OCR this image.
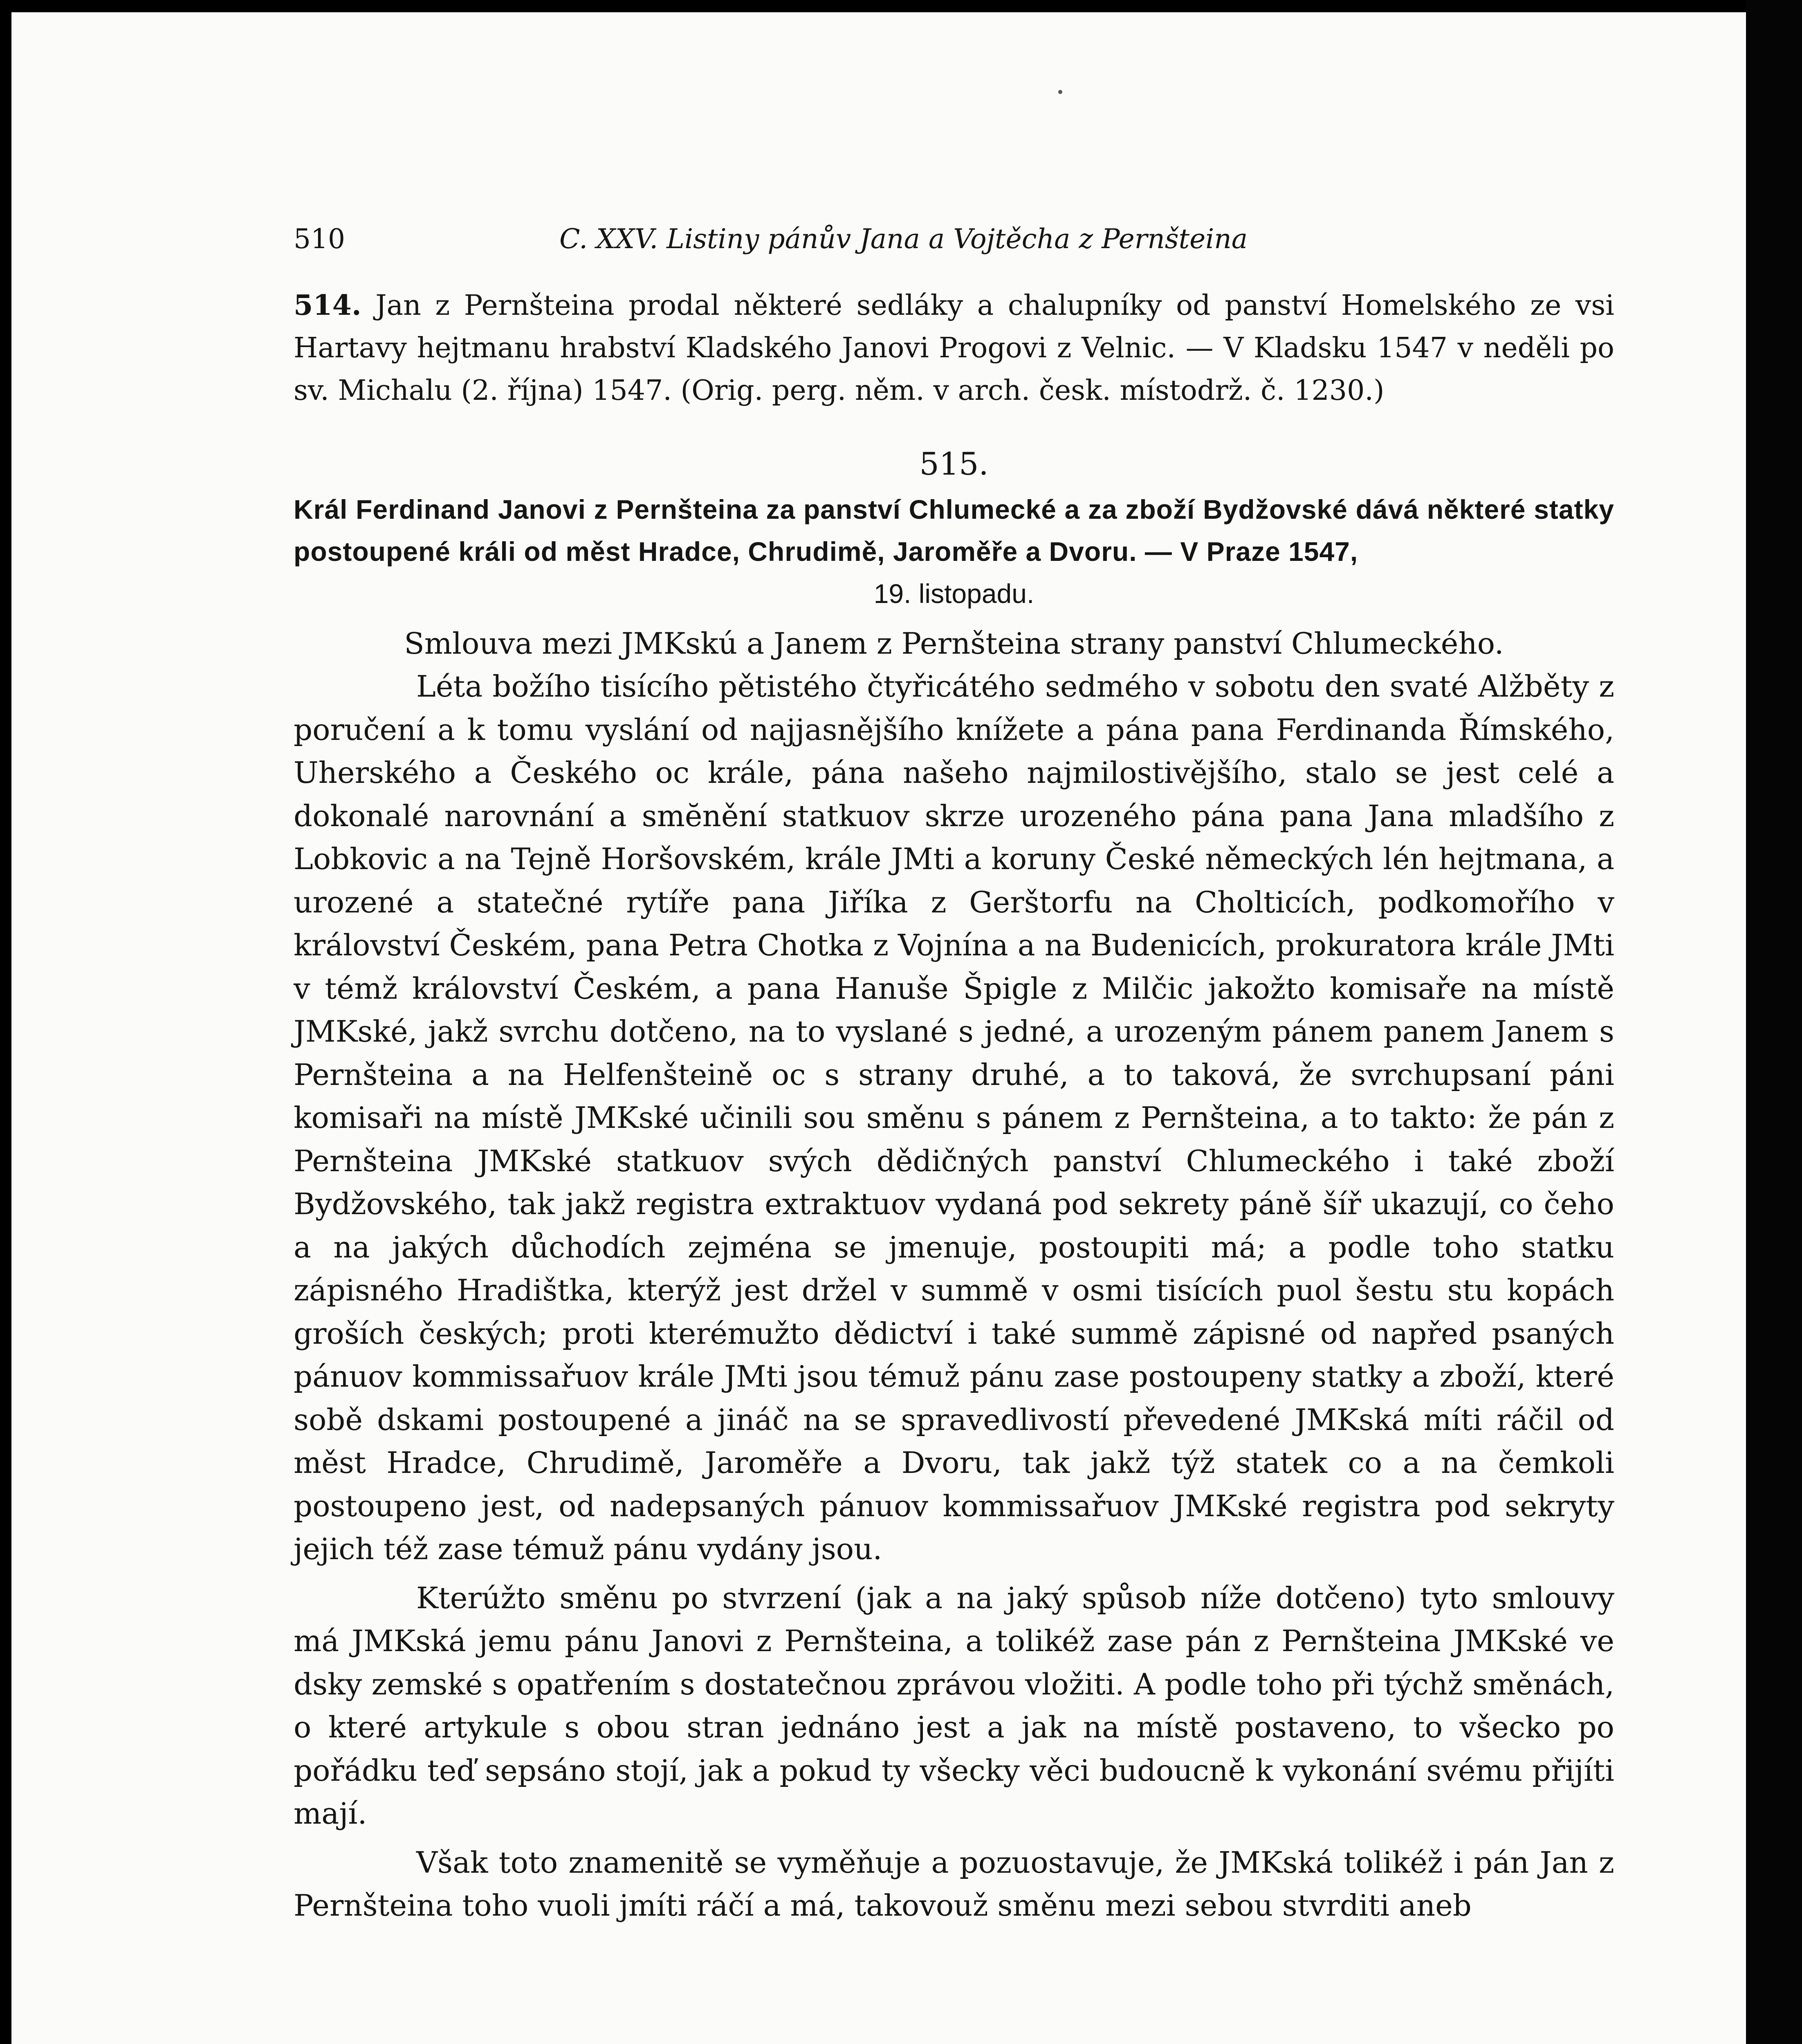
510	C. XXV. Listiny pánův Jana a Vojtěcha z Pernšteina

514. Jan z Pernšteina prodal některé sedláky a chalupníky od panství Homelského ze vsi Hartavy hejtmanu hrabství Kladského Janovi Progovi z Velnic. — V Kladsku 1547 v neděli po sv. Michalu (2. října) 1547. (Orig. perg. něm. v arch. česk. místodrž. č. 1230.)

515.

Král Ferdinand Janovi z Pernšteina za panství Chlumecké a za zboží Bydžovské dává některé statky postoupené králi od měst Hradce, Chrudimě, Jaroměře a Dvoru. — V Praze 1547,

19. listopadu.

Smlouva mezi JMKskú a Janem z Pernšteina strany panství Chlumeckého.

Léta božího tisícího pětistého čtyřicátého sedmého v sobotu den svaté Alžběty z poručení a k tomu vyslání od najjasnějšího knížete a pána pana Ferdinanda Římského, Uherského a Českého oc krále, pána našeho najmilostivějšího, stalo se jest celé a dokonalé narovnání a smĕnění statkuov skrze urozeného pána pana Jana mladšího z Lobkovic a na Tejně Horšovském, krále JMti a koruny České německých lén hejtmana, a urozené a statečné rytíře pana Jiříka z Gerštorfu na Cholticích, podkomořího v království Českém, pana Petra Chotka z Vojnína a na Budenicích, prokuratora krále JMti v témž království Českém, a pana Hanuše Špigle z Milčic jakožto komisaře na místě JMKské, jakž svrchu dotčeno, na to vyslané s jedné, a urozeným pánem panem Janem s Pernšteina a na Helfenšteině oc s strany druhé, a to taková, že svrchupsaní páni komisaři na místě JMKské učinili sou směnu s pánem z Pernšteina, a to takto: že pán z Pernšteina JMKské statkuov svých dědičných panství Chlumeckého i také zboží Bydžovského, tak jakž registra extraktuov vydaná pod sekrety páně šíř ukazují, co čeho a na jakých důchodích zejména se jmenuje, postoupiti má; a podle toho statku zápisného Hradištka, kterýž jest držel v summě v osmi tisících puol šestu stu kopách groších českých; proti kterémužto dědictví i také summě zápisné od napřed psaných pánuov kommissařuov krále JMti jsou témuž pánu zase postoupeny statky a zboží, které sobě dskami postoupené a jináč na se spravedlivostí převedené JMKská míti ráčil od měst Hradce, Chrudimě, Jaroměře a Dvoru, tak jakž týž statek co a na čemkoli postoupeno jest, od nadepsaných pánuov kommissařuov JMKské registra pod sekryty jejich též zase témuž pánu vydány jsou.

Kterúžto směnu po stvrzení (jak a na jaký spůsob níže dotčeno) tyto smlouvy má JMKská jemu pánu Janovi z Pernšteina, a tolikéž zase pán z Pernšteina JMKské ve dsky zemské s opatřením s dostatečnou zprávou vložiti. A podle toho při týchž směnách, o které artykule s obou stran jednáno jest a jak na místě postaveno, to všecko po pořádku teď sepsáno stojí, jak a pokud ty všecky věci budoucně k vykonání svému přijíti mají.

Však toto znamenitě se vyměňuje a pozuostavuje, že JMKská tolikéž i pán Jan z Pernšteina toho vuoli jmíti ráčí a má, takovouž směnu mezi sebou stvrditi aneb
